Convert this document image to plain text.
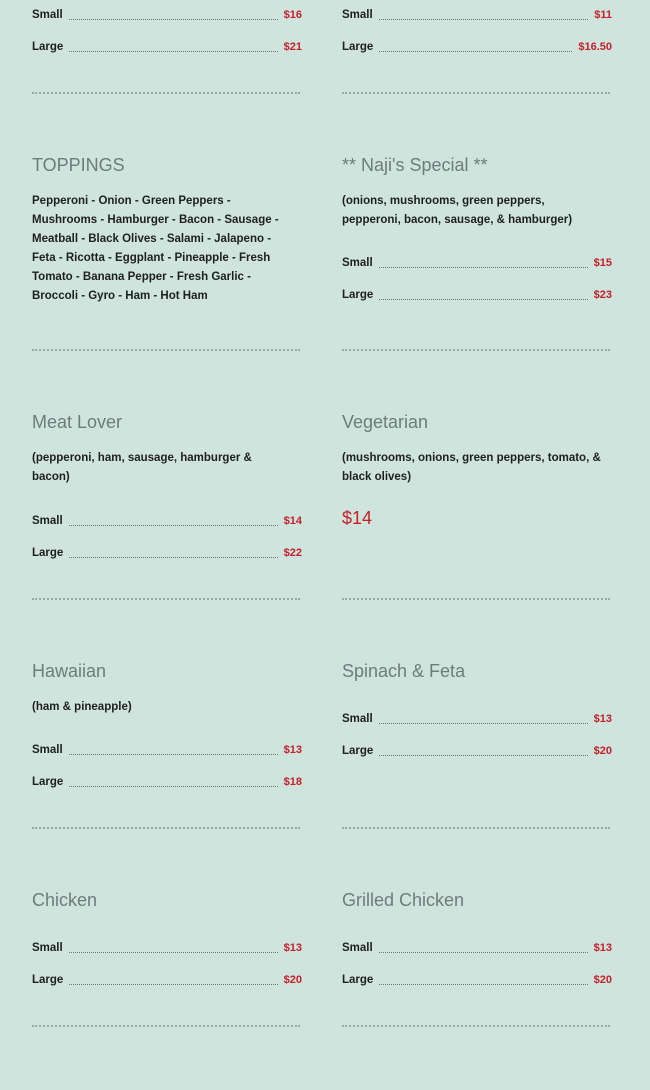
Small	$16
Large	$21
TOPPINGS
Pepperoni - Onion - Green Peppers -
Mushrooms - Hamburger - Bacon - Sausage -
Meatball - Black Olives - Salami - Jalapeno -
Feta - Ricotta - Eggplant - Pineapple - Fresh
Tomato - Banana Pepper - Fresh Garlic -
Broccoli - Gyro - Ham - Hot Ham
Meat Lover
(pepperoni, ham, sausage, hamburger &
bacon)
Small	$14
Large	$22
Hawaiian
(ham & pineapple)
Small	$13
Large	$18
Chicken
Small	$13
Large	$20
Small	$11
Large	$16.50
** Naji's Special **
(onions, mushrooms, green peppers,
pepperoni, bacon, sausage, & hamburger)
Small	$15
Large	$23
Vegetarian
(mushrooms, onions, green peppers, tomato, &
black olives)
$14
Spinach & Feta
Small	$13
Large	$20
Grilled Chicken
Small	$13
Large	$20
